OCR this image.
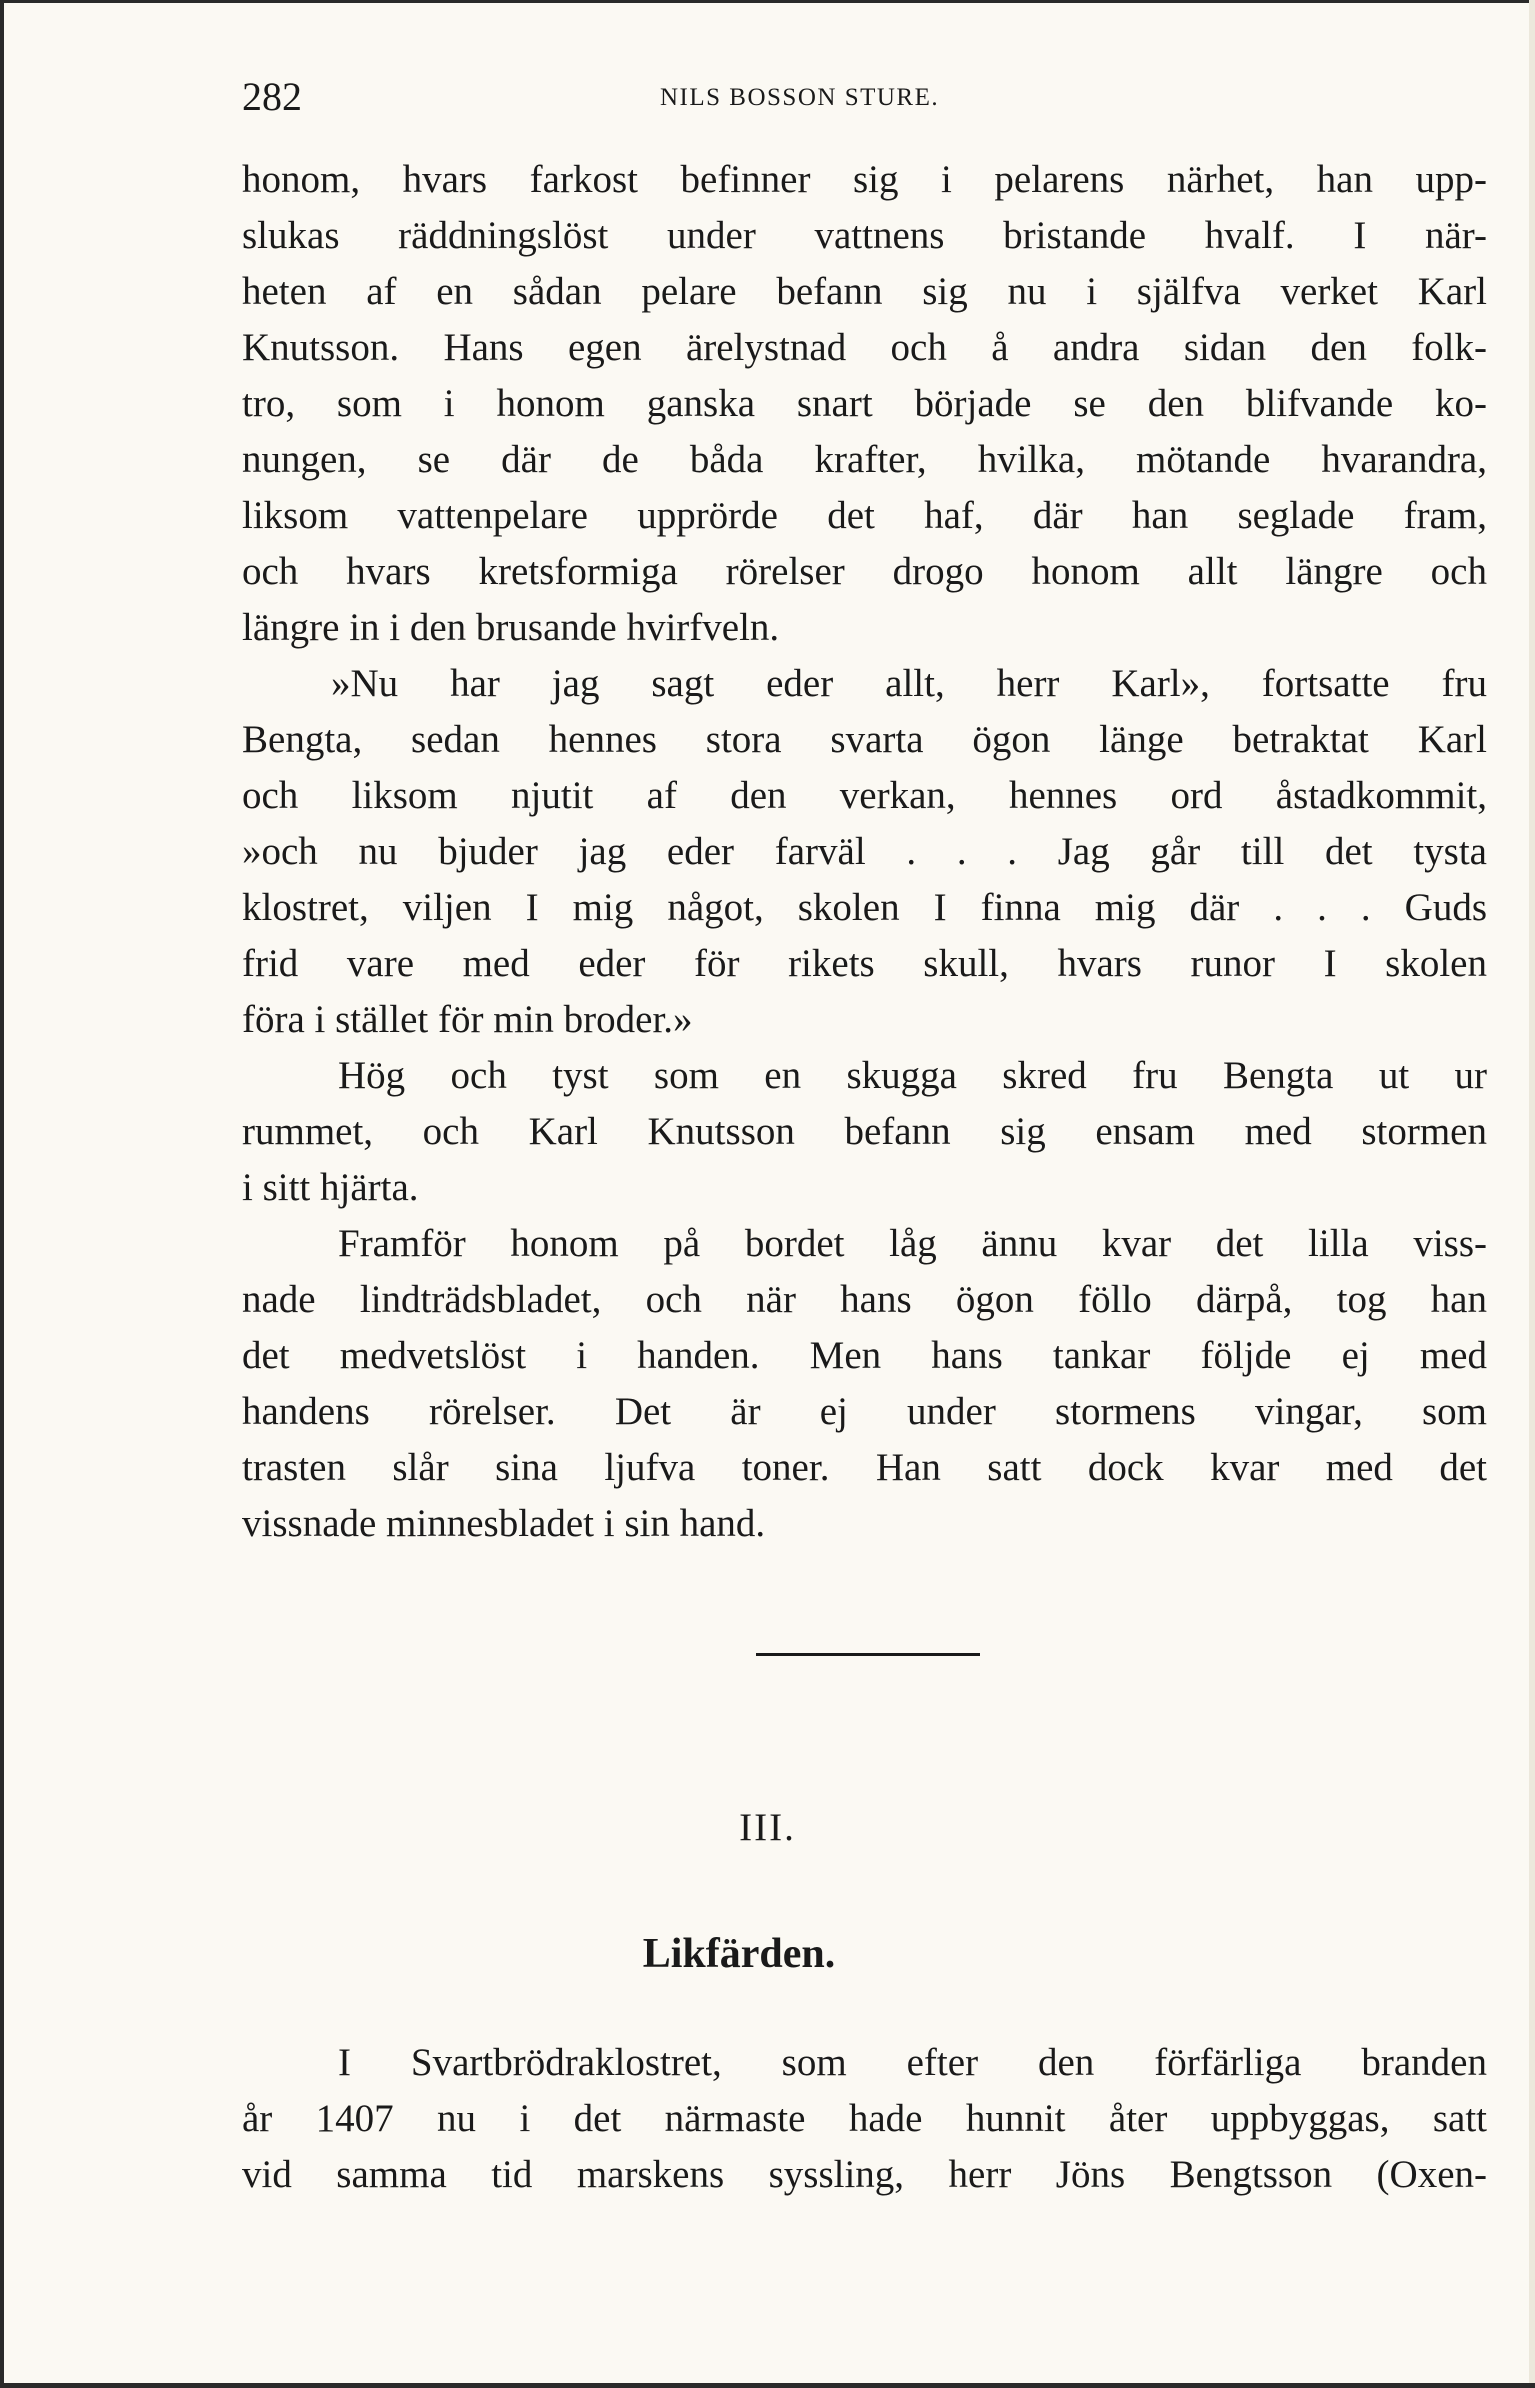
282	NILS BOSSON STURE.
honom, hvars farkost befinner sig i pelarens närhet, han upp-
slukas räddningslöst under vattnens bristande hvalf. I när-
heten af en sådan pelare befann sig nu i själfva verket Karl
Knutsson. Hans egen ärelystnad och å andra sidan den folk-
tro, som i honom ganska snart började se den blifvande ko-
nungen, se där de båda krafter, hvilka, mötande hvarandra,
liksom vattenpelare upprörde det haf, där han seglade fram,
och hvars kretsformiga rörelser drogo honom allt längre och
längre in i den brusande hvirfveln.
»Nu har jag sagt eder allt, herr Karl», fortsatte fru
Bengta, sedan hennes stora svarta ögon länge betraktat Karl
och liksom njutit af den verkan, hennes ord åstadkommit,
»och nu bjuder jag eder farväl . . . Jag går till det tysta
klostret, viljen I mig något, skolen I finna mig där . . . Guds
frid vare med eder för rikets skull, hvars runor I skolen
föra i stället för min broder.»
Hög och tyst som en skugga skred fru Bengta ut ur
rummet, och Karl Knutsson befann sig ensam med stormen
i sitt hjärta.
Framför honom på bordet låg ännu kvar det lilla viss-
nade lindträdsbladet, och när hans ögon föllo därpå, tog han
det medvetslöst i handen. Men hans tankar följde ej med
handens rörelser. Det är ej under stormens vingar, som
trasten slår sina ljufva toner. Han satt dock kvar med det
vissnade minnesbladet i sin hand.
III.
Likfärden.
I Svartbrödraklostret, som efter den förfärliga branden
år 1407 nu i det närmaste hade hunnit åter uppbyggas, satt
vid samma tid marskens syssling, herr Jöns Bengtsson (Oxen-
